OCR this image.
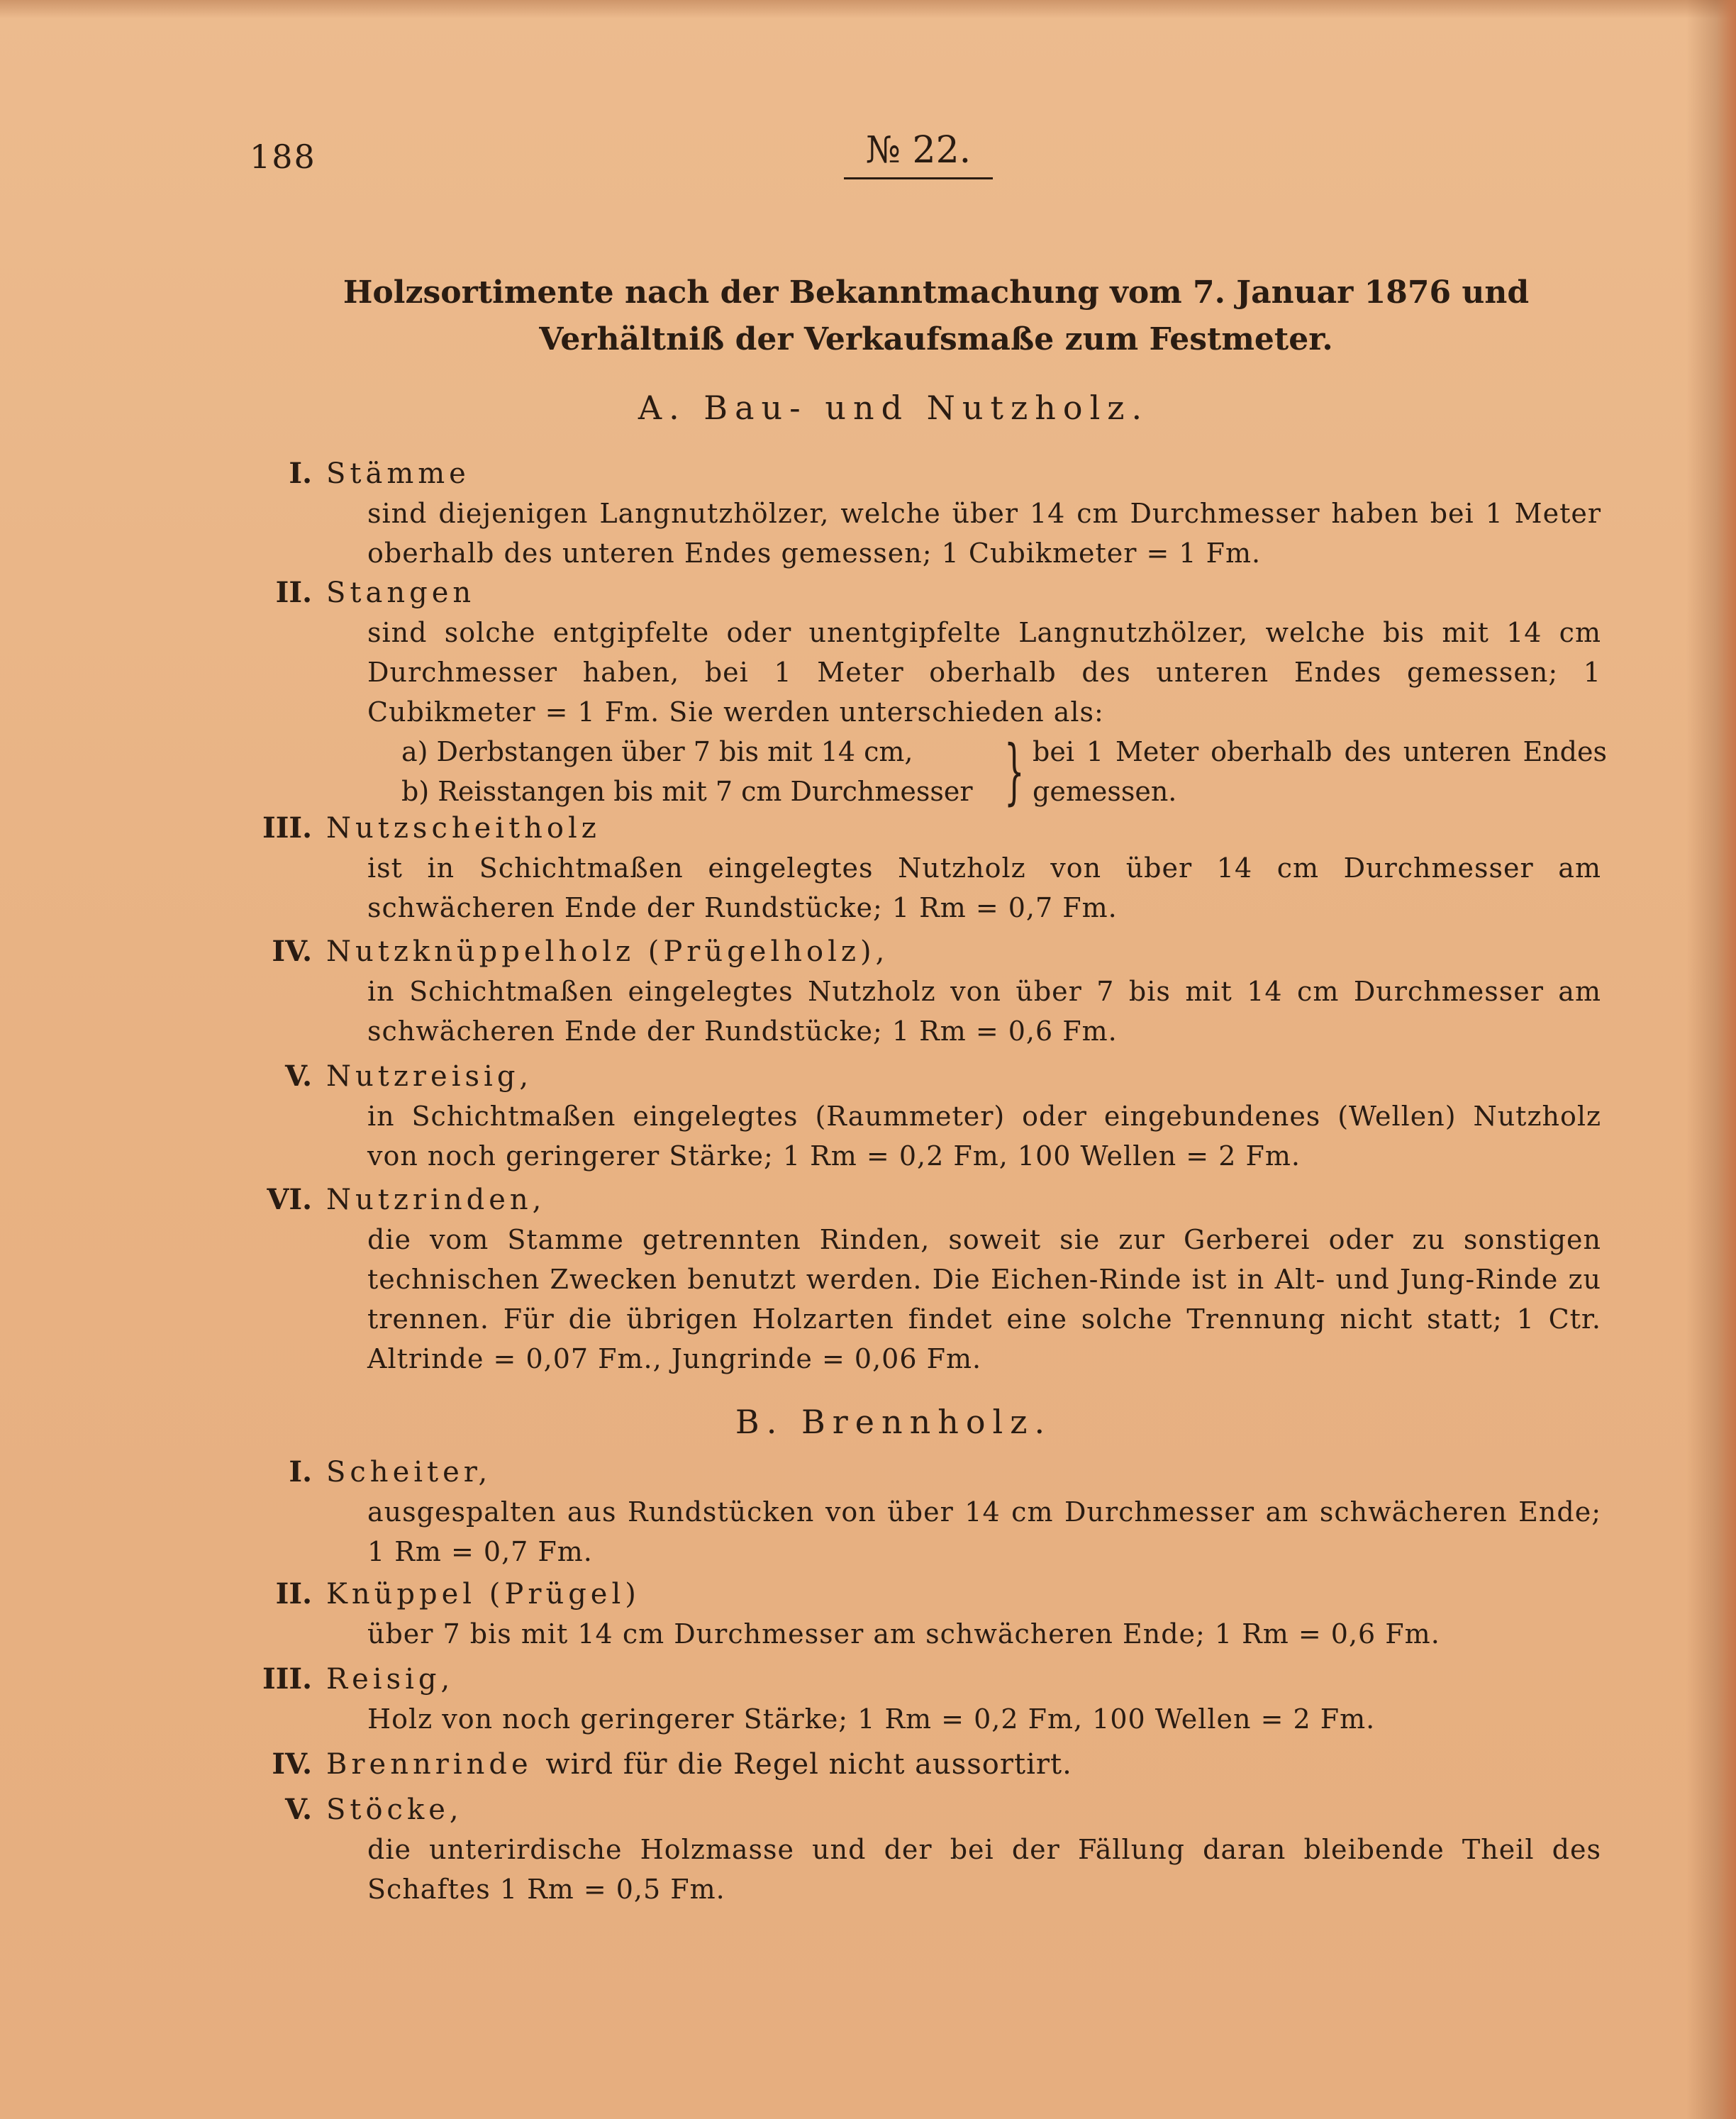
188	№ 22.
Holzsortimente nach der Bekanntmachung vom 7. Januar 1876 und Verhältniß der Verkaufsmaße zum Festmeter.
A. Bau- und Nutzholz.
I. Stämme
sind diejenigen Langnutzhölzer, welche über 14 cm Durchmesser haben bei 1 Meter oberhalb des unteren Endes gemessen; 1 Cubikmeter = 1 Fm.
II. Stangen
sind solche entgipfelte oder unentgipfelte Langnutzhölzer, welche bis mit 14 cm Durchmesser haben, bei 1 Meter oberhalb des unteren Endes gemessen; 1 Cubikmeter = 1 Fm. Sie werden unterschieden als:
a) Derbstangen über 7 bis mit 14 cm,
b) Reisstangen bis mit 7 cm Durchmesser } bei 1 Meter oberhalb des unteren Endes gemessen.
III. Nutzscheitholz
ist in Schichtmaßen eingelegtes Nutzholz von über 14 cm Durchmesser am schwächeren Ende der Rundstücke; 1 Rm = 0,7 Fm.
IV. Nutzknüppelholz (Prügelholz),
in Schichtmaßen eingelegtes Nutzholz von über 7 bis mit 14 cm Durchmesser am schwächeren Ende der Rundstücke; 1 Rm = 0,6 Fm.
V. Nutzreisig,
in Schichtmaßen eingelegtes (Raummeter) oder eingebundenes (Wellen) Nutzholz von noch geringerer Stärke; 1 Rm = 0,2 Fm, 100 Wellen = 2 Fm.
VI. Nutzrinden,
die vom Stamme getrennten Rinden, soweit sie zur Gerberei oder zu sonstigen technischen Zwecken benutzt werden. Die Eichen-Rinde ist in Alt- und Jung-Rinde zu trennen. Für die übrigen Holzarten findet eine solche Trennung nicht statt; 1 Ctr. Altrinde = 0,07 Fm., Jungrinde = 0,06 Fm.
B. Brennholz.
I. Scheiter,
ausgespalten aus Rundstücken von über 14 cm Durchmesser am schwächeren Ende; 1 Rm = 0,7 Fm.
II. Knüppel (Prügel)
über 7 bis mit 14 cm Durchmesser am schwächeren Ende; 1 Rm = 0,6 Fm.
III. Reisig,
Holz von noch geringerer Stärke; 1 Rm = 0,2 Fm, 100 Wellen = 2 Fm.
IV. Brennrinde wird für die Regel nicht aussortirt.
V. Stöcke,
die unterirdische Holzmasse und der bei der Fällung daran bleibende Theil des Schaftes 1 Rm = 0,5 Fm.
